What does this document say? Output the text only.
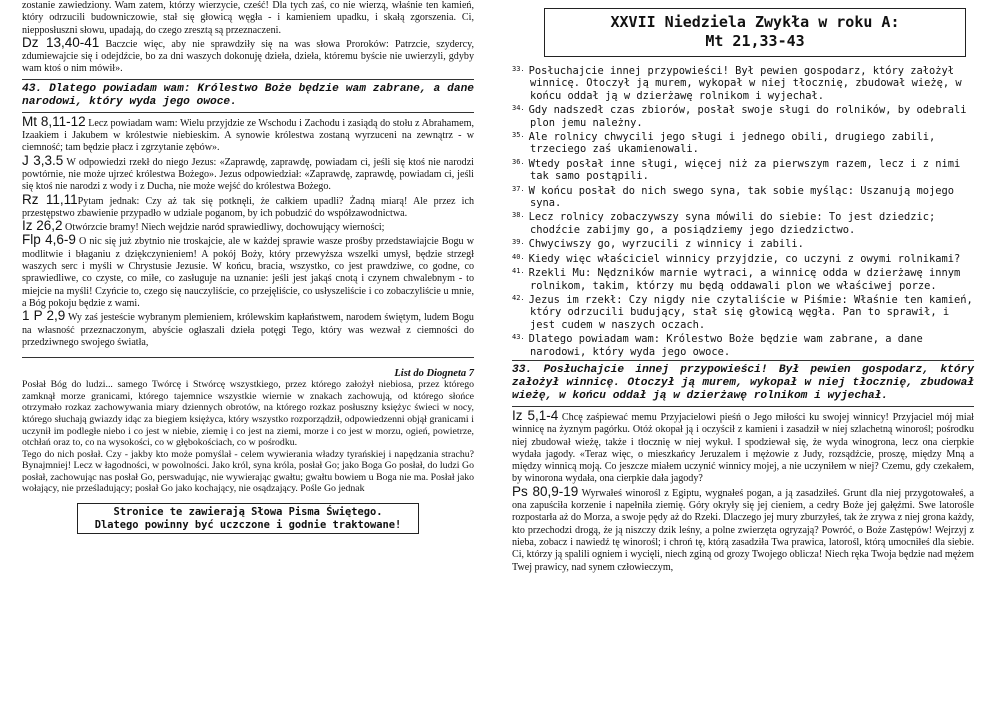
zostanie zawiedziony. Wam zatem, którzy wierzycie, cześć! Dla tych zaś, co nie wierzą, właśnie ten kamień, który odrzucili budowniczowie, stał się głowicą węgła - i kamieniem upadku, i skałą zgorszenia. Ci, niepposłuszni słowu, upadają, do czego zresztą są przeznaczeni.

Dz 13,40-41 Baczcie więc, aby nie sprawdziły się na was słowa Proroków: Patrzcie, szydercy, zdumiewajcie się i odejdźcie, bo za dni waszych dokonuję dzieła, dzieła, któremu byście nie uwierzyli, gdyby wam ktoś o nim mówił».

43. Dlatego powiadam wam: Królestwo Boże będzie wam zabrane, a dane narodowi, który wyda jego owoce.

Mt 8,11-12 Lecz powiadam wam: Wielu przyjdzie ze Wschodu i Zachodu i zasiądą do stołu z Abrahamem, Izaakiem i Jakubem w królestwie niebieskim. A synowie królestwa zostaną wyrzuceni na zewnątrz - w ciemność; tam będzie płacz i zgrzytanie zębów».

J 3,3.5 W odpowiedzi rzekł do niego Jezus: «Zaprawdę, zaprawdę, powiadam ci, jeśli się ktoś nie narodzi powtórnie, nie może ujrzeć królestwa Bożego». Jezus odpowiedział: «Zaprawdę, zaprawdę, powiadam ci, jeśli się ktoś nie narodzi z wody i z Ducha, nie może wejść do królestwa Bożego.

Rz 11,11Pytam jednak: Czy aż tak się potknęli, że całkiem upadli? Żadną miarą! Ale przez ich przestępstwo zbawienie przypadło w udziale poganom, by ich pobudzić do współzawodnictwa.

Iz 26,2 Otwórzcie bramy! Niech wejdzie naród sprawiedliwy, dochowujący wierności;

Flp 4,6-9 O nic się już zbytnio nie troskajcie, ale w każdej sprawie wasze prośby przedstawiajcie Bogu w modlitwie i błaganiu z dziękczynieniem! A pokój Boży, który przewyższa wszelki umysł, będzie strzegł waszych serc i myśli w Chrystusie Jezusie. W końcu, bracia, wszystko, co jest prawdziwe, co godne, co sprawiedliwe, co czyste, co miłe, co zasługuje na uznanie: jeśli jest jakąś cnotą i czynem chwalebnym - to miejcie na myśli! Czyńcie to, czego się nauczyliście, co przejęliście, co usłyszeliście i co zobaczyliście u mnie, a Bóg pokoju będzie z wami.

1 P 2,9 Wy zaś jesteście wybranym plemieniem, królewskim kapłaństwem, narodem świętym, ludem Bogu na własność przeznaczonym, abyście ogłaszali dzieła potęgi Tego, który was wezwał z ciemności do przedziwnego swojego światła,

List do Diogneta 7

Posłał Bóg do ludzi... samego Twórcę i Stwórcę wszystkiego, przez którego założył niebiosa, przez którego zamknął morze granicami, którego tajemnice wszystkie wiernie w znakach zachowują, od którego słońce otrzymało rozkaz zachowywania miary dziennych obrotów, na którego rozkaz posłuszny księżyc świeci w nocy, którego słuchają gwiazdy idąc za biegiem księżyca, który wszystko rozporządził, odpowiedzenni objął granicami i uczynił im podległe niebo i co jest w niebie, ziemię i co jest na ziemi, morze i co jest w morzu, ogień, powietrze, otchłań oraz to, co na wysokości, co w głębokościach, co w pośrodku.

Tego do nich posłał. Czy - jakby kto może pomyślał - celem wywierania władzy tyrańskiej i napędzania strachu? Bynajmniej! Lecz w łagodności, w powolności. Jako król, syna króla, posłał Go; jako Boga Go posłał, do ludzi Go posłał, zachowując nas posłał Go, perswadując, nie wywierając gwałtu; gwałtu bowiem u Boga nie ma. Posłał jako wołający, nie prześladujący; posłał Go jako kochający, nie osądzający. Pośle Go jednak

Stronice te zawierają Słowa Pisma Świętego.
Dlatego powinny być uczczone i godnie traktowane!
XXVII Niedziela Zwykła w roku A:
Mt 21,33-43

$^{33.}$ Posłuchajcie innej przypowieści! Był pewien gospodarz, który założył winnicę. Otoczył ją murem, wykopał w niej tłocznię, zbudował wieżę, w końcu oddał ją w dzierżawę rolnikom i wyjechał.

$^{34.}$ Gdy nadszedł czas zbiorów, posłał swoje sługi do rolników, by odebrali plon jemu należny.

$^{35.}$ Ale rolnicy chwycili jego sługi i jednego obili, drugiego zabili, trzeciego zaś ukamienowali.

$^{36.}$ Wtedy posłał inne sługi, więcej niż za pierwszym razem, lecz i z nimi tak samo postąpili.

$^{37.}$ W końcu posłał do nich swego syna, tak sobie myśląc: Uszanują mojego syna.

$^{38.}$ Lecz rolnicy zobaczywszy syna mówili do siebie: To jest dziedzic; chodźcie zabijmy go, a posiądziemy jego dziedzictwo.

$^{39.}$ Chwyciwszy go, wyrzucili z winnicy i zabili.

$^{40.}$ Kiedy więc właściciel winnicy przyjdzie, co uczyni z owymi rolnikami?

$^{41.}$ Rzekli Mu: Nędzników marnie wytraci, a winnicę odda w dzierżawę innym rolnikom, takim, którzy mu będą oddawali plon we właściwej porze.

$^{42.}$ Jezus im rzekł: Czy nigdy nie czytaliście w Piśmie: Właśnie ten kamień, który odrzucili budujący, stał się głowicą węgła. Pan to sprawił, i jest cudem w naszych oczach.

$^{43.}$ Dlatego powiadam wam: Królestwo Boże będzie wam zabrane, a dane narodowi, który wyda jego owoce.

33. Posłuchajcie innej przypowieści! Był pewien gospodarz, który założył winnicę. Otoczył ją murem, wykopał w niej tłocznię, zbudował wieżę, w końcu oddał ją w dzierżawę rolnikom i wyjechał.

Iz 5,1-4 Chcę zaśpiewać memu Przyjacielowi pieśń o Jego miłości ku swojej winnicy! Przyjaciel mój miał winnicę na żyznym pagórku. Otóż okopał ją i oczyścił z kamieni i zasadził w niej szlachetną winorośl; pośrodku niej zbudował wieżę, także i tłocznię w niej wykuł. I spodziewał się, że wyda winogrona, lecz ona cierpkie wydała jagody. «Teraz więc, o mieszkańcy Jeruzalem i mężowie z Judy, rozsądźcie, proszę, między Mną a między winnicą moją. Co jeszcze miałem uczynić winnicy mojej, a nie uczyniłem w niej? Czemu, gdy czekałem, by winorona wydała, ona cierpkie dała jagody?

Ps 80,9-19 Wyrwałeś winorośl z Egiptu, wygnałeś pogan, a ją zasadziłeś. Grunt dla niej przygotowałeś, a ona zapuściła korzenie i napełniła ziemię. Góry okryły się jej cieniem, a cedry Boże jej gałęźmi. Swe latorośle rozpostarła aż do Morza, a swoje pędy aż do Rzeki. Dlaczego jej mury zburzyłeś, tak że zrywa z niej grona każdy, kto przechodzi drogą, że ją niszczy dzik leśny, a polne zwierzęta ogryzają? Powróć, o Boże Zastępów! Wejrzyj z nieba, zobacz i nawiedź tę winorośl; i chroń tę, którą zasadziła Twa prawica, latorośl, którą umocniłeś dla siebie. Ci, którzy ją spalili ogniem i wycięli, niech zginą od grozy Twojego oblicza! Niech ręka Twoja będzie nad mężem Twej prawicy, nad synem człowieczym,
